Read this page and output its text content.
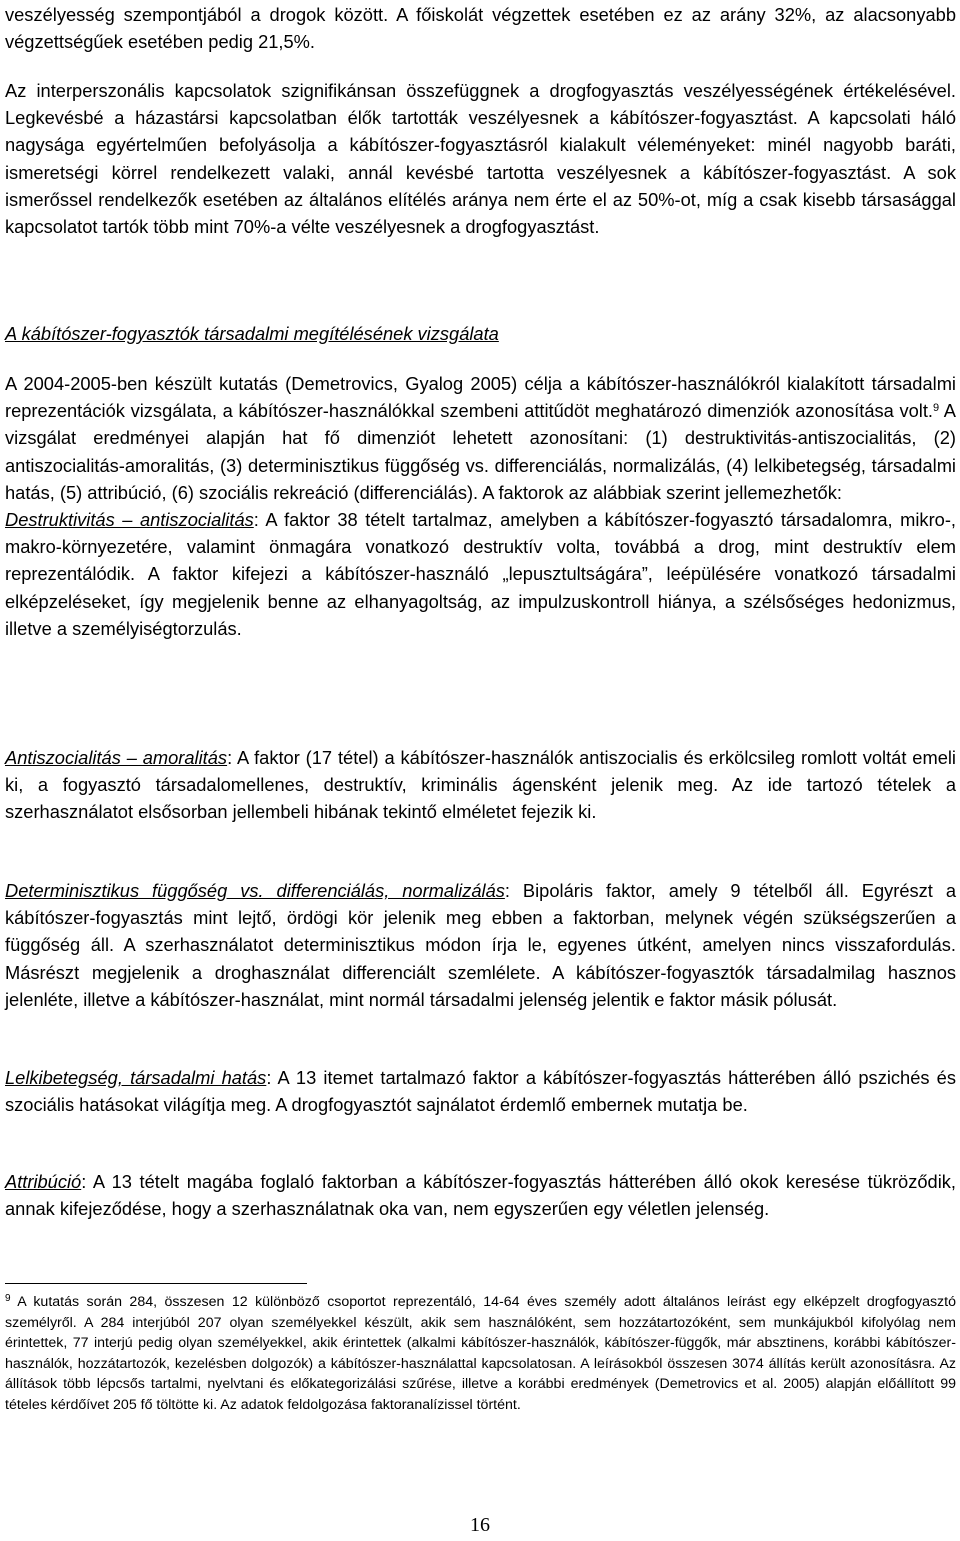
veszélyesség szempontjából a drogok között. A főiskolát végzettek esetében ez az arány 32%, az alacsonyabb végzettségűek esetében pedig 21,5%.

Az interperszonális kapcsolatok szignifikánsan összefüggnek a drogfogyasztás veszélyességének értékelésével. Legkevésbé a házastársi kapcsolatban élők tartották veszélyesnek a kábítószer-fogyasztást. A kapcsolati háló nagysága egyértelműen befolyásolja a kábítószer-fogyasztásról kialakult véleményeket: minél nagyobb baráti, ismeretségi körrel rendelkezett valaki, annál kevésbé tartotta veszélyesnek a kábítószer-fogyasztást. A sok ismerőssel rendelkezők esetében az általános elítélés aránya nem érte el az 50%-ot, míg a csak kisebb társasággal kapcsolatot tartók több mint 70%-a vélte veszélyesnek a drogfogyasztást.

A kábítószer-fogyasztók társadalmi megítélésének vizsgálata

A 2004-2005-ben készült kutatás (Demetrovics, Gyalog 2005) célja a kábítószer-használókról kialakított társadalmi reprezentációk vizsgálata, a kábítószer-használókkal szembeni attitűdöt meghatározó dimenziók azonosítása volt.$^9$ A vizsgálat eredményei alapján hat fő dimenziót lehetett azonosítani: (1) destruktivitás-antiszocialitás, (2) antiszocialitás-amoralitás, (3) determinisztikus függőség vs. differenciálás, normalizálás, (4) lelkibetegség, társadalmi hatás, (5) attribúció, (6) szociális rekreáció (differenciálás). A faktorok az alábbiak szerint jellemezhetők:
Destruktivitás – antiszocialitás: A faktor 38 tételt tartalmaz, amelyben a kábítószer-fogyasztó társadalomra, mikro-, makro-környezetére, valamint önmagára vonatkozó destruktív volta, továbbá a drog, mint destruktív elem reprezentálódik. A faktor kifejezi a kábítószer-használó „lepusztultságára”, leépülésére vonatkozó társadalmi elképzeléseket, így megjelenik benne az elhanyagoltság, az impulzuskontroll hiánya, a szélsőséges hedonizmus, illetve a személyiségtorzulás.

Antiszocialitás – amoralitás: A faktor (17 tétel) a kábítószer-használók antiszocialis és erkölcsileg romlott voltát emeli ki, a fogyasztó társadalomellenes, destruktív, kriminális ágensként jelenik meg. Az ide tartozó tételek a szerhasználatot elsősorban jellembeli hibának tekintő elméletet fejezik ki.

Determinisztikus függőség vs. differenciálás, normalizálás: Bipoláris faktor, amely 9 tételből áll. Egyrészt a kábítószer-fogyasztás mint lejtő, ördögi kör jelenik meg ebben a faktorban, melynek végén szükségszerűen a függőség áll. A szerhasználatot determinisztikus módon írja le, egyenes útként, amelyen nincs visszafordulás. Másrészt megjelenik a droghasználat differenciált szemlélete. A kábítószer-fogyasztók társadalmilag hasznos jelenléte, illetve a kábítószer-használat, mint normál társadalmi jelenség jelentik e faktor másik pólusát.

Lelkibetegség, társadalmi hatás: A 13 itemet tartalmazó faktor a kábítószer-fogyasztás hátterében álló pszichés és szociális hatásokat világítja meg. A drogfogyasztót sajnálatot érdemlő embernek mutatja be.

Attribúció: A 13 tételt magába foglaló faktorban a kábítószer-fogyasztás hátterében álló okok keresése tükröződik, annak kifejeződése, hogy a szerhasználatnak oka van, nem egyszerűen egy véletlen jelenség.

$^9$ A kutatás során 284, összesen 12 különböző csoportot reprezentáló, 14-64 éves személy adott általános leírást egy elképzelt drogfogyasztó személyről. A 284 interjúból 207 olyan személyekkel készült, akik sem használóként, sem hozzátartozóként, sem munkájukból kifolyólag nem érintettek, 77 interjú pedig olyan személyekkel, akik érintettek (alkalmi kábítószer-használók, kábítószer-függők, már absztinens, korábbi kábítószer-használók, hozzátartozók, kezelésben dolgozók) a kábítószer-használattal kapcsolatosan. A leírásokból összesen 3074 állítás került azonosításra. Az állítások több lépcsős tartalmi, nyelvtani és előkategorizálási szűrése, illetve a korábbi eredmények (Demetrovics et al. 2005) alapján előállított 99 tételes kérdőívet 205 fő töltötte ki. Az adatok feldolgozása faktoranalízissel történt.

16
